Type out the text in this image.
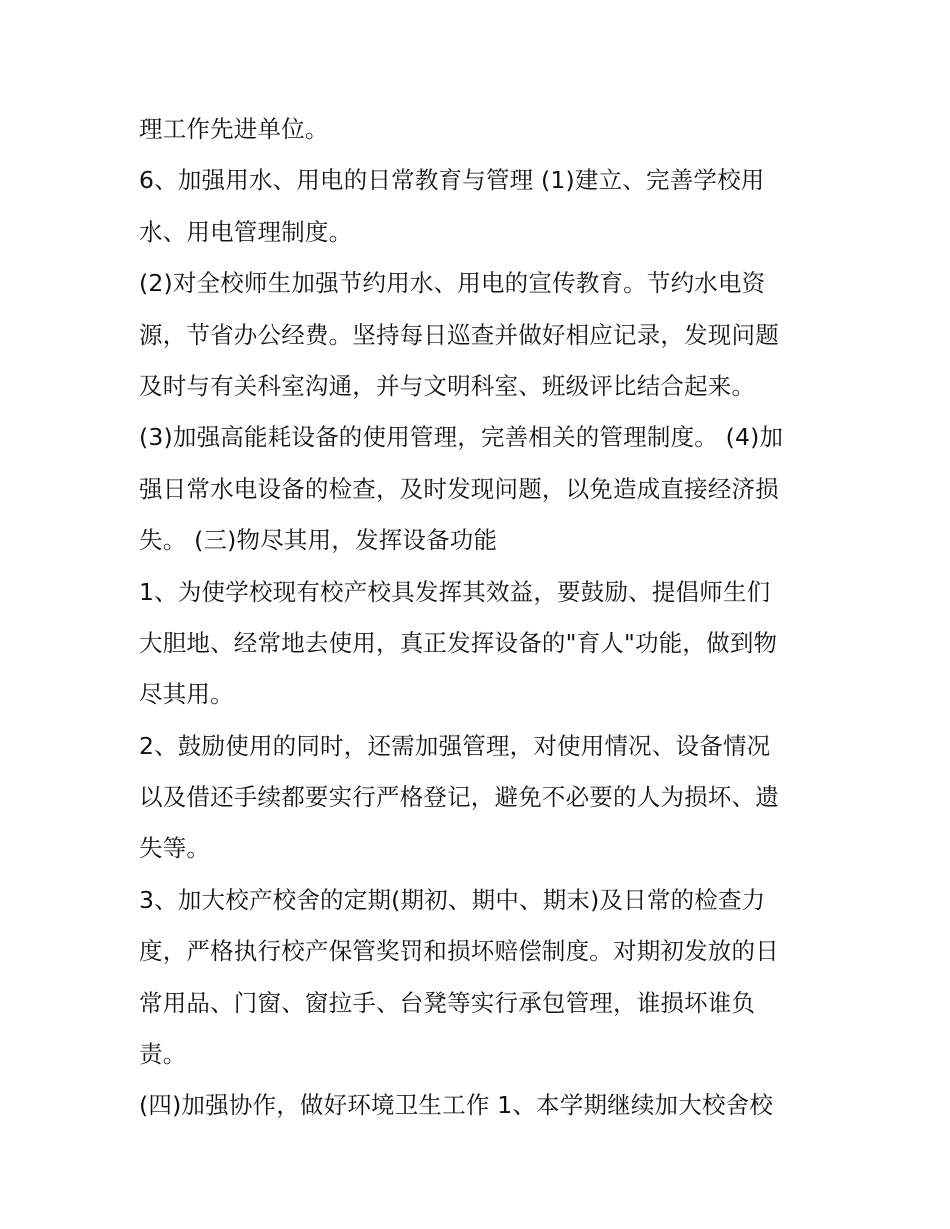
理工作先进单位。
6、加强用水、用电的日常教育与管理 (1)建立、完善学校用
水、用电管理制度。
(2)对全校师生加强节约用水、用电的宣传教育。节约水电资
源，节省办公经费。坚持每日巡查并做好相应记录，发现问题
及时与有关科室沟通，并与文明科室、班级评比结合起来。
(3)加强高能耗设备的使用管理，完善相关的管理制度。 (4)加
强日常水电设备的检查，及时发现问题，以免造成直接经济损
失。 (三)物尽其用，发挥设备功能
1、为使学校现有校产校具发挥其效益，要鼓励、提倡师生们
大胆地、经常地去使用，真正发挥设备的"育人"功能，做到物
尽其用。
2、鼓励使用的同时，还需加强管理，对使用情况、设备情况
以及借还手续都要实行严格登记，避免不必要的人为损坏、遗
失等。
3、加大校产校舍的定期(期初、期中、期末)及日常的检查力
度，严格执行校产保管奖罚和损坏赔偿制度。对期初发放的日
常用品、门窗、窗拉手、台凳等实行承包管理，谁损坏谁负
责。
(四)加强协作，做好环境卫生工作 1、本学期继续加大校舍校
